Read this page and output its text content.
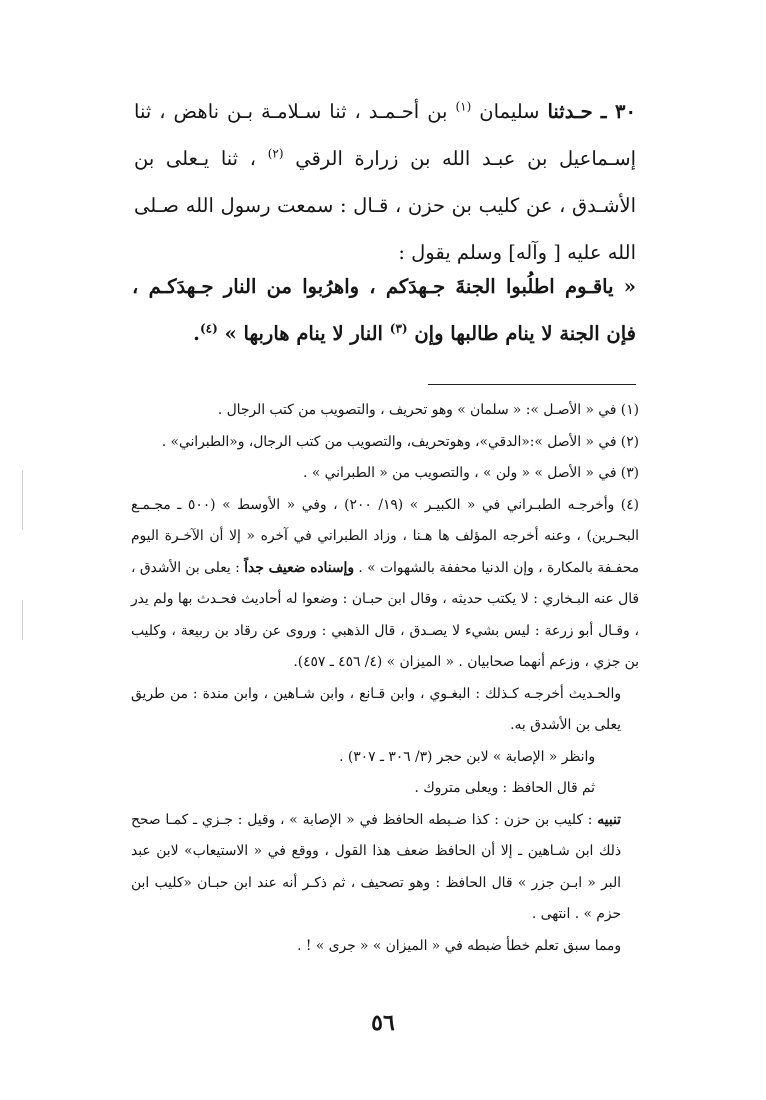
٣٠ ـ حـدثنا سليمان $^{(١)}$ بن أحـمـد ، ثنا سـلامـة بـن ناهض ، ثنا إسـماعيل بن عبـد الله بن زرارة الرقي $^{(٢)}$ ، ثنا يـعلى بن الأشـدق ، عن كليب بن حزن ، قـال : سمعت رسول الله صـلى الله عليه [ وآله] وسلم يقول :
« ياقـوم اطلُبوا الجنةَ جـهدَكم ، واهرُبوا من النار جـهدَكـم ، فإن الجنة لا ينام طالبها وإن $^{(٣)}$ النار لا ينام هاربها » $^{(٤)}$.

(١) في « الأصـل »: « سلمان » وهو تحريف ، والتصويب من كتب الرجال .

(٢) في « الأصل »:«الدقي»، وهوتحريف، والتصويب من كتب الرجال، و«الطبراني» .

(٣) في « الأصل » « ولن » ، والتصويب من « الطبراني » .

(٤) وأخرجـه الطبـراني في « الكبيـر » (١٩/ ٢٠٠) ، وفي « الأوسط » (٥٠٠ ـ مجـمـع البحـرين) ، وعنه أخرجه المؤلف ها هـنا ، وزاد الطبراني في آخره « إلا أن الآخـرة اليوم محفـفة بالمكارة ، وإن الدنيا محففة بالشهوات » . وإسناده ضعيف جداً : يعلى بن الأشدق ، قال عنه البـخاري : لا يكتب حديثه ، وقال ابن حبـان : وضعوا له أحاديث فحـدث بها ولم يدر ، وقـال أبو زرعة : ليس بشيء لا يصـدق ، قال الذهبي : وروى عن رقاد بن ربيعة ، وكليب بن جزي ، وزعم أنهما صحابيان . « الميزان » (٤/ ٤٥٦ ـ ٤٥٧).

والحـديث أخرجـه كـذلك : البغـوي ، وابن قـانع ، وابن شـاهين ، وابن مندة : من طريق يعلى بن الأشدق به.

وانظر « الإصابة » لابن حجر (٣/ ٣٠٦ ـ ٣٠٧) .

ثم قال الحافظ : ويعلى متروك .

تنبيه : كليب بن حزن : كذا ضـبطه الحافظ في « الإصابة » ، وقيل : جـزي ـ كمـا صحح ذلك ابن شـاهين ـ إلا أن الحافظ ضعف هذا القول ، ووقع في « الاستيعاب» لابن عبد البر « ابـن جزر » قال الحافظ : وهو تصحيف ، ثم ذكـر أنه عند ابن حبـان «كليب ابن حزم » . انتهى .

ومما سبق تعلم خطأ ضبطه في « الميزان » « جرى » ! .

٥٦
